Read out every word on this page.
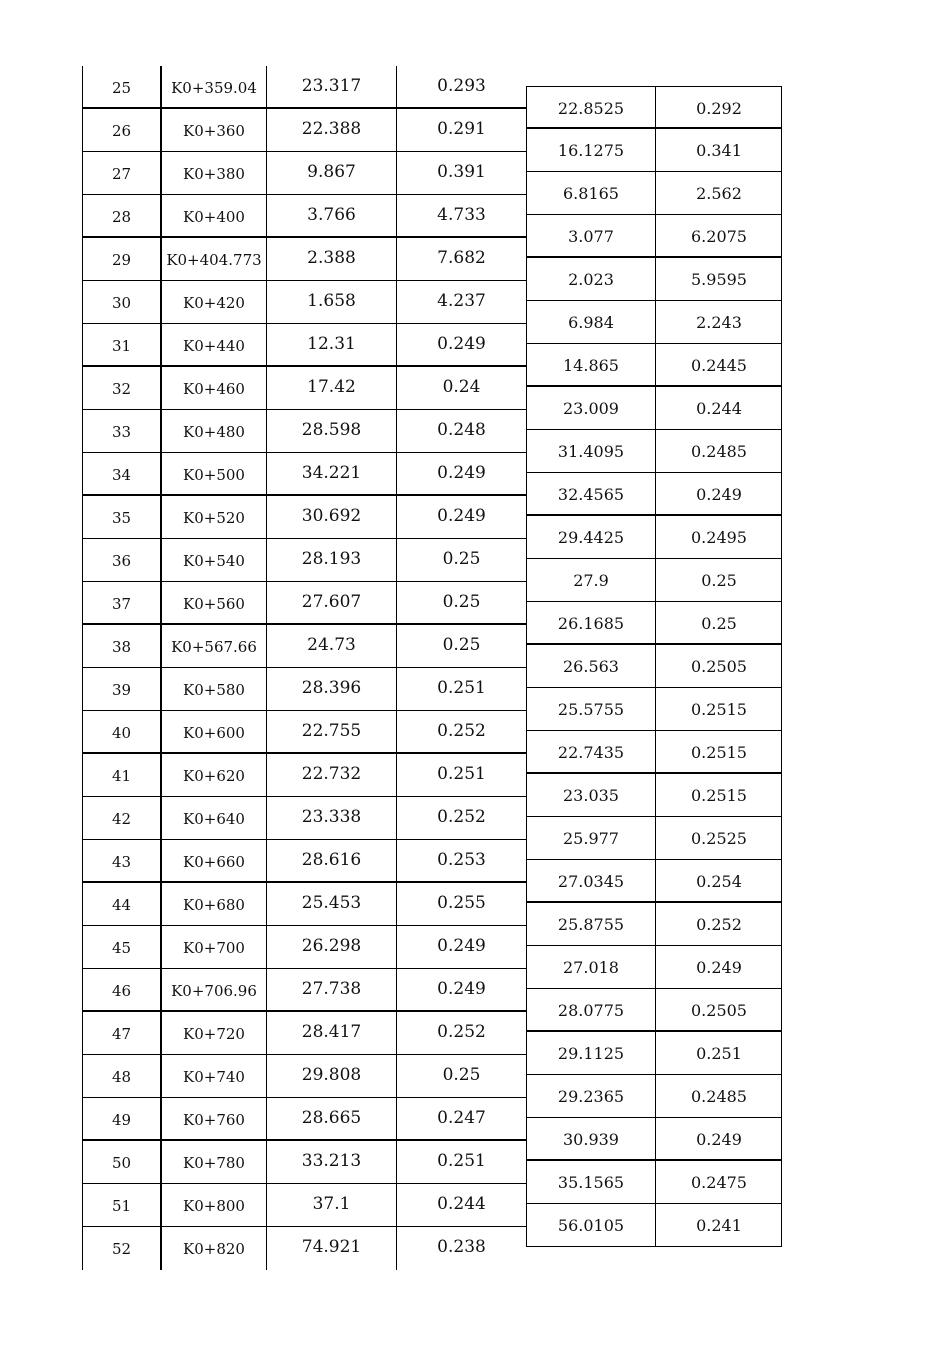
25	K0+359.04	23.317	0.293
26	K0+360	22.388	0.291
27	K0+380	9.867	0.391
28	K0+400	3.766	4.733
29	K0+404.773	2.388	7.682
30	K0+420	1.658	4.237
31	K0+440	12.31	0.249
32	K0+460	17.42	0.24
33	K0+480	28.598	0.248
34	K0+500	34.221	0.249
35	K0+520	30.692	0.249
36	K0+540	28.193	0.25
37	K0+560	27.607	0.25
38	K0+567.66	24.73	0.25
39	K0+580	28.396	0.251
40	K0+600	22.755	0.252
41	K0+620	22.732	0.251
42	K0+640	23.338	0.252
43	K0+660	28.616	0.253
44	K0+680	25.453	0.255
45	K0+700	26.298	0.249
46	K0+706.96	27.738	0.249
47	K0+720	28.417	0.252
48	K0+740	29.808	0.25
49	K0+760	28.665	0.247
50	K0+780	33.213	0.251
51	K0+800	37.1	0.244
52	K0+820	74.921	0.238
22.8525	0.292
16.1275	0.341
6.8165	2.562
3.077	6.2075
2.023	5.9595
6.984	2.243
14.865	0.2445
23.009	0.244
31.4095	0.2485
32.4565	0.249
29.4425	0.2495
27.9	0.25
26.1685	0.25
26.563	0.2505
25.5755	0.2515
22.7435	0.2515
23.035	0.2515
25.977	0.2525
27.0345	0.254
25.8755	0.252
27.018	0.249
28.0775	0.2505
29.1125	0.251
29.2365	0.2485
30.939	0.249
35.1565	0.2475
56.0105	0.241
